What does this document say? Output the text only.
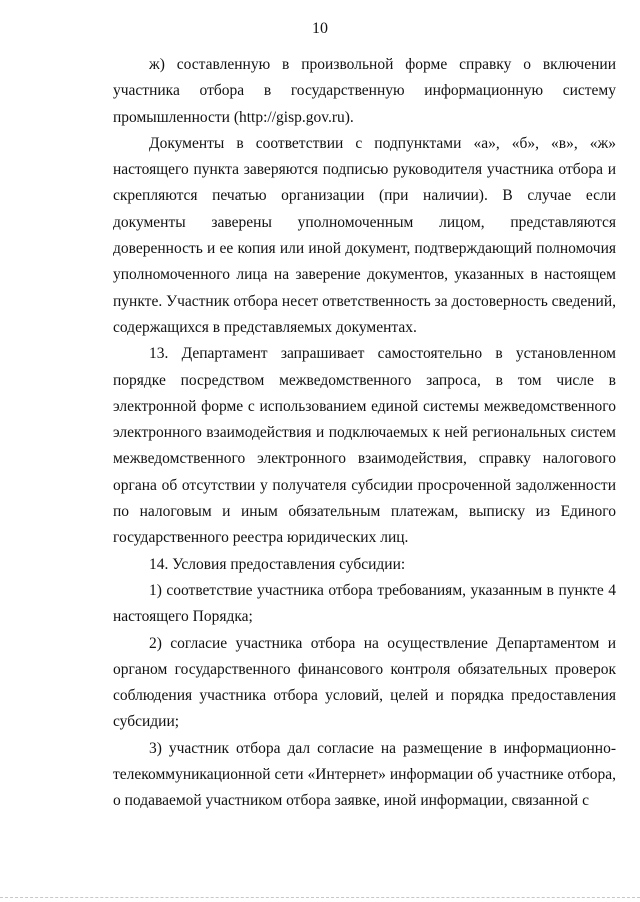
10

ж) составленную в произвольной форме справку о включении участника отбора в государственную информационную систему промышленности (http://gisp.gov.ru).

Документы в соответствии с подпунктами «а», «б», «в», «ж» настоящего пункта заверяются подписью руководителя участника отбора и скрепляются печатью организации (при наличии). В случае если документы заверены уполномоченным лицом, представляются доверенность и ее копия или иной документ, подтверждающий полномочия уполномоченного лица на заверение документов, указанных в настоящем пункте. Участник отбора несет ответственность за достоверность сведений, содержащихся в представляемых документах.

13. Департамент запрашивает самостоятельно в установленном порядке посредством межведомственного запроса, в том числе в электронной форме с использованием единой системы межведомственного электронного взаимодействия и подключаемых к ней региональных систем межведомственного электронного взаимодействия, справку налогового органа об отсутствии у получателя субсидии просроченной задолженности по налоговым и иным обязательным платежам, выписку из Единого государственного реестра юридических лиц.

14. Условия предоставления субсидии:

1) соответствие участника отбора требованиям, указанным в пункте 4 настоящего Порядка;

2) согласие участника отбора на осуществление Департаментом и органом государственного финансового контроля обязательных проверок соблюдения участника отбора условий, целей и порядка предоставления субсидии;

3) участник отбора дал согласие на размещение в информационно-телекоммуникационной сети «Интернет» информации об участнике отбора, о подаваемой участником отбора заявке, иной информации, связанной с
